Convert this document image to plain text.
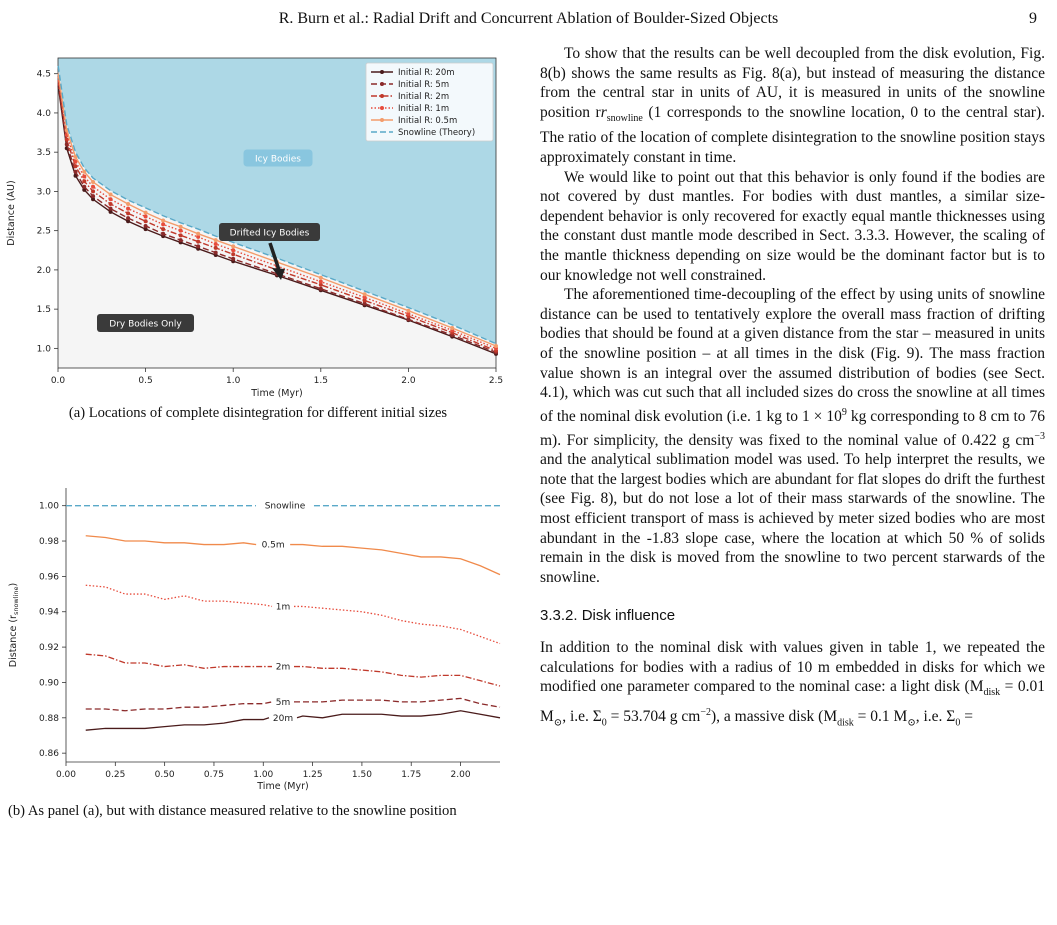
R. Burn et al.: Radial Drift and Concurrent Ablation of Boulder-Sized Objects	9
0.0	0.5	1.0	1.5	2.0	2.5
1.0
1.5
2.0
2.5
3.0
3.5
4.0
4.5
Time (Myr)
Distance (AU)
Initial R: 20m
Initial R: 5m
Initial R: 2m
Initial R: 1m
Initial R: 0.5m
Snowline (Theory)
Icy Bodies
Drifted Icy Bodies
Dry Bodies Only
(a) Locations of complete disintegration for different initial sizes
0.00	0.25	0.50	0.75	1.00	1.25	1.50	1.75	2.00
0.86
0.88
0.90
0.92
0.94
0.96
0.98
1.00
Time (Myr)
Distance $(r_{snowline})$
Snowline
0.5m
1m
2m
5m
20m
(b) As panel (a), but with distance measured relative to the snowline position

To show that the results can be well decoupled from the disk evolution, Fig. 8(b) shows the same results as Fig. 8(a), but instead of measuring the distance from the central star in units of AU, it is measured in units of the snowline position $rr_{snowline}$ (1 corresponds to the snowline location, 0 to the central star). The ratio of the location of complete disintegration to the snowline position stays approximately constant in time.

We would like to point out that this behavior is only found if the bodies are not covered by dust mantles. For bodies with dust mantles, a similar size-dependent behavior is only recovered for exactly equal mantle thicknesses using the constant dust mantle mode described in Sect. 3.3.3. However, the scaling of the mantle thickness depending on size would be the dominant factor but is to our knowledge not well constrained.

The aforementioned time-decoupling of the effect by using units of snowline distance can be used to tentatively explore the overall mass fraction of drifting bodies that should be found at a given distance from the star – measured in units of the snowline position – at all times in the disk (Fig. 9). The mass fraction value shown is an integral over the assumed distribution of bodies (see Sect. 4.1), which was cut such that all included sizes do cross the snowline at all times of the nominal disk evolution (i.e. 1 kg to $1 \times 10^9$ kg corresponding to 8 cm to 76 m). For simplicity, the density was fixed to the nominal value of 0.422 g $cm^{-3}$ and the analytical sublimation model was used. To help interpret the results, we note that the largest bodies which are abundant for flat slopes do drift the furthest (see Fig. 8), but do not lose a lot of their mass starwards of the snowline. The most efficient transport of mass is achieved by meter sized bodies who are most abundant in the -1.83 slope case, where the location at which 50 % of solids remain in the disk is moved from the snowline to two percent starwards of the snowline.

3.3.2. Disk influence

In addition to the nominal disk with values given in table 1, we repeated the calculations for bodies with a radius of 10 m embedded in disks for which we modified one parameter compared to the nominal case: a light disk ($M_{disk} = 0.01$ $M_⊙$, i.e. $\Sigma_0 = 53.704$ g $cm^{-2}$), a massive disk ($M_{disk} = 0.1$ $M_⊙$, i.e. $\Sigma_0$ =
